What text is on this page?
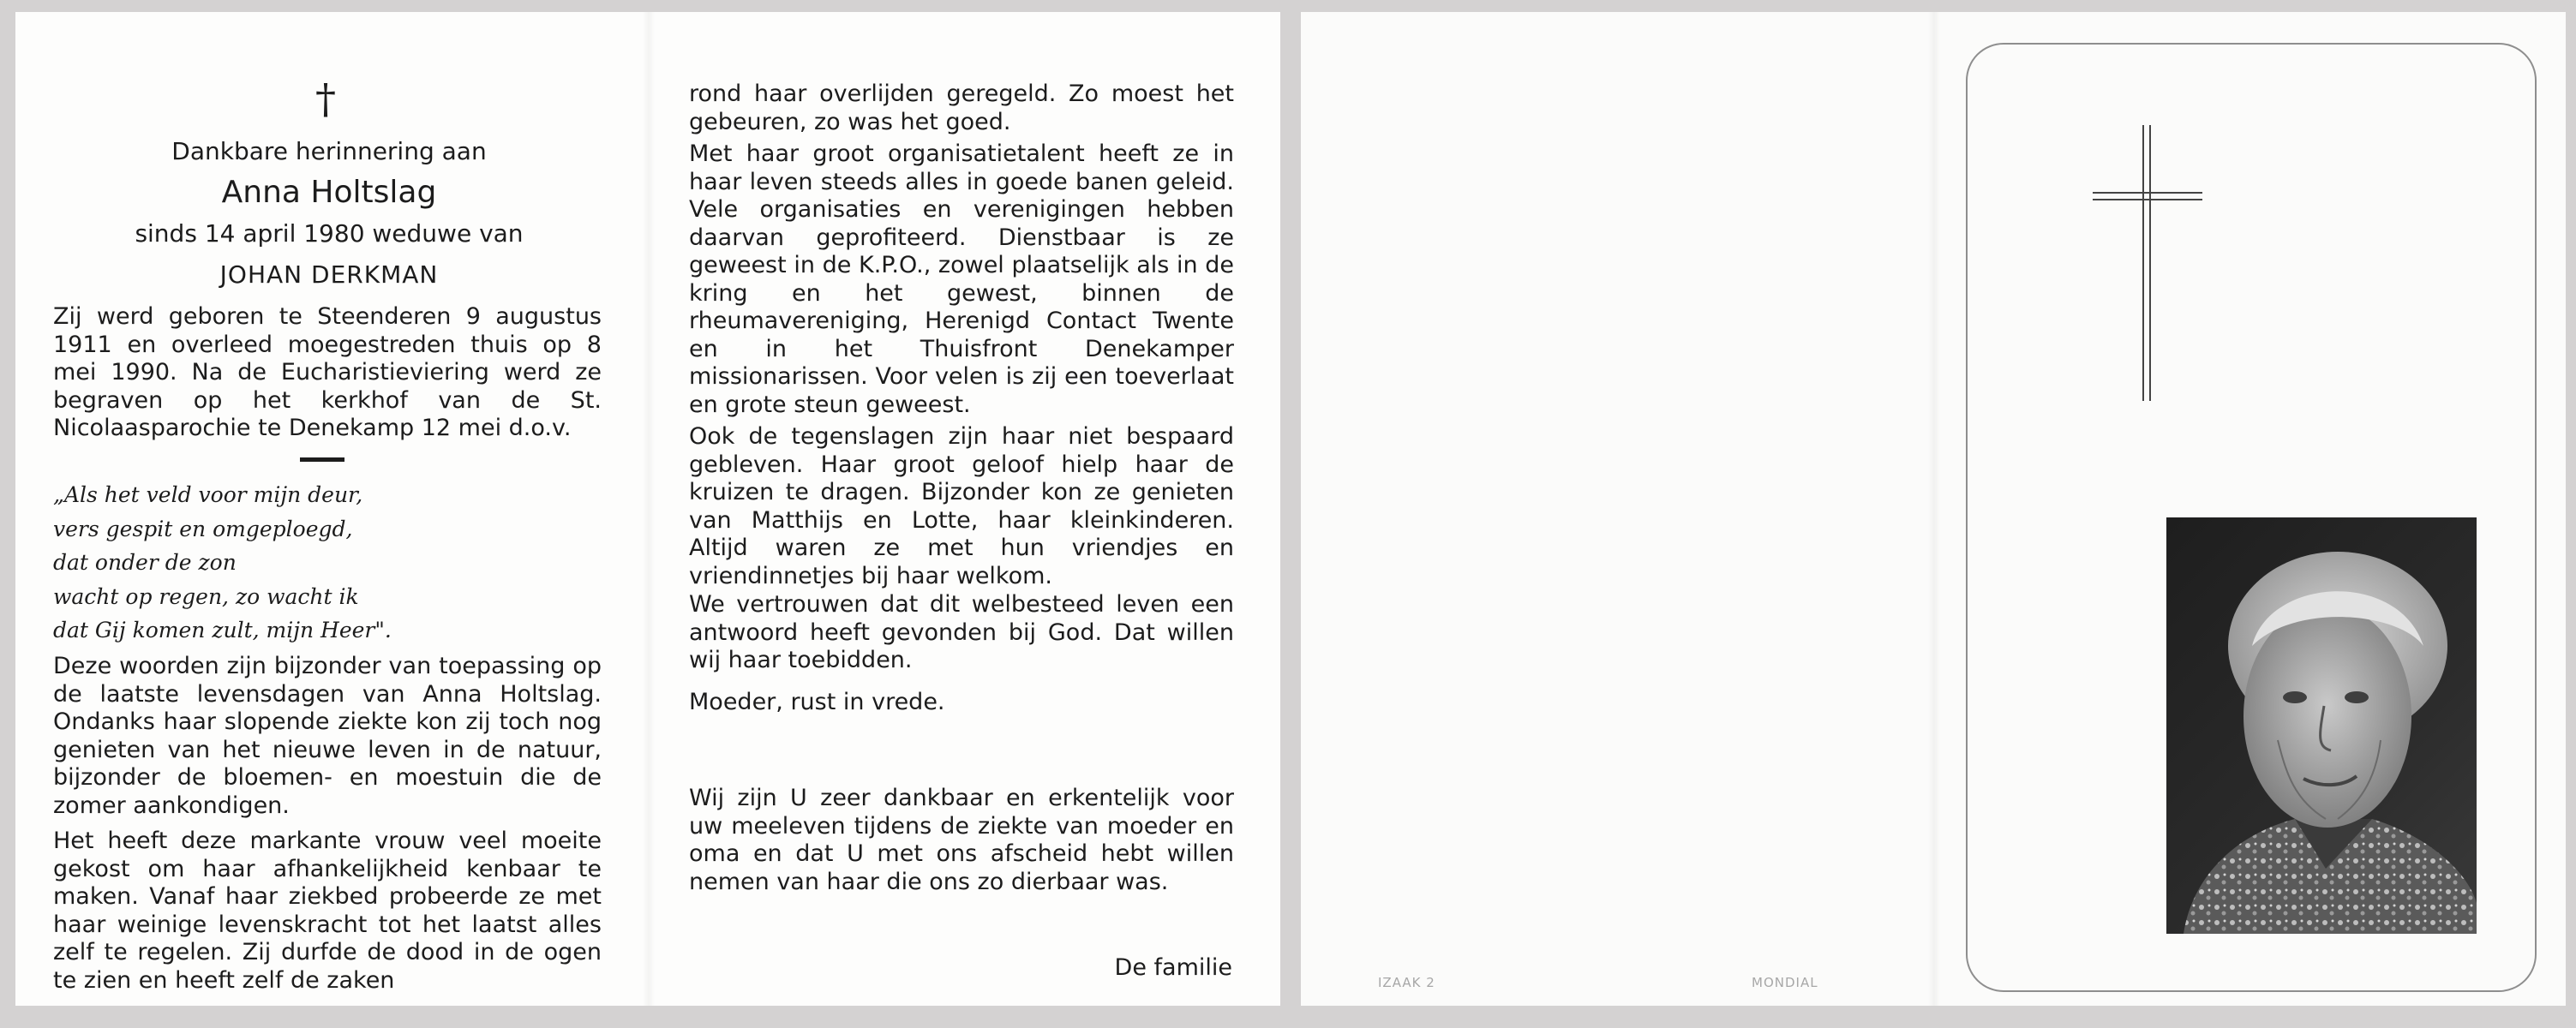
†
Dankbare herinnering aan
Anna Holtslag
sinds 14 april 1980 weduwe van
JOHAN DERKMAN

Zij werd geboren te Steenderen 9 augustus 1911 en overleed moegestreden thuis op 8 mei 1990. Na de Eucharistieviering werd ze begraven op het kerkhof van de St. Nicolaasparochie te Denekamp 12 mei d.o.v.

„Als het veld voor mijn deur,
vers gespit en omgeploegd,
dat onder de zon
wacht op regen, zo wacht ik
dat Gij komen zult, mijn Heer".

Deze woorden zijn bijzonder van toepassing op de laatste levensdagen van Anna Holtslag. Ondanks haar slopende ziekte kon zij toch nog genieten van het nieuwe leven in de natuur, bijzonder de bloemen- en moestuin die de zomer aankondigen.

Het heeft deze markante vrouw veel moeite gekost om haar afhankelijkheid kenbaar te maken. Vanaf haar ziekbed probeerde ze met haar weinige levenskracht tot het laatst alles zelf te regelen. Zij durfde de dood in de ogen te zien en heeft zelf de zaken

rond haar overlijden geregeld. Zo moest het gebeuren, zo was het goed.

Met haar groot organisatietalent heeft ze in haar leven steeds alles in goede banen geleid. Vele organisaties en verenigingen hebben daarvan geprofiteerd. Dienstbaar is ze geweest in de K.P.O., zowel plaatselijk als in de kring en het gewest, binnen de rheumavereniging, Herenigd Contact Twente en in het Thuisfront Denekamper missionarissen. Voor velen is zij een toeverlaat en grote steun geweest.

Ook de tegenslagen zijn haar niet bespaard gebleven. Haar groot geloof hielp haar de kruizen te dragen. Bijzonder kon ze genieten van Matthijs en Lotte, haar kleinkinderen. Altijd waren ze met hun vriendjes en vriendinnetjes bij haar welkom.

We vertrouwen dat dit welbesteed leven een antwoord heeft gevonden bij God. Dat willen wij haar toebidden.

Moeder, rust in vrede.

Wij zijn U zeer dankbaar en erkentelijk voor uw meeleven tijdens de ziekte van moeder en oma en dat U met ons afscheid hebt willen nemen van haar die ons zo dierbaar was.

De familie
IZAAK 2	MONDIAL
